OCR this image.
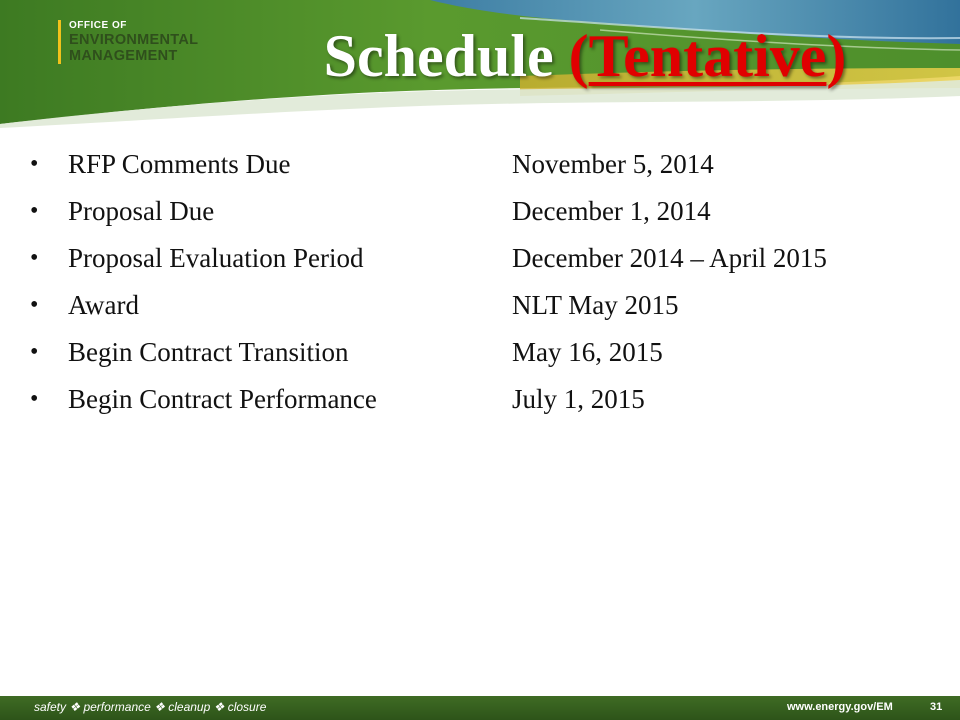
OFFICE OF
ENVIRONMENTAL
MANAGEMENT	Schedule (Tentative)
•	RFP Comments Due	November 5, 2014
•	Proposal Due	December 1, 2014
•	Proposal Evaluation Period	December 2014 – April 2015
•	Award	NLT May 2015
•	Begin Contract Transition	May 16, 2015
•	Begin Contract Performance	July 1, 2015
safety ❖ performance ❖ cleanup ❖ closure	www.energy.gov/EM	31
